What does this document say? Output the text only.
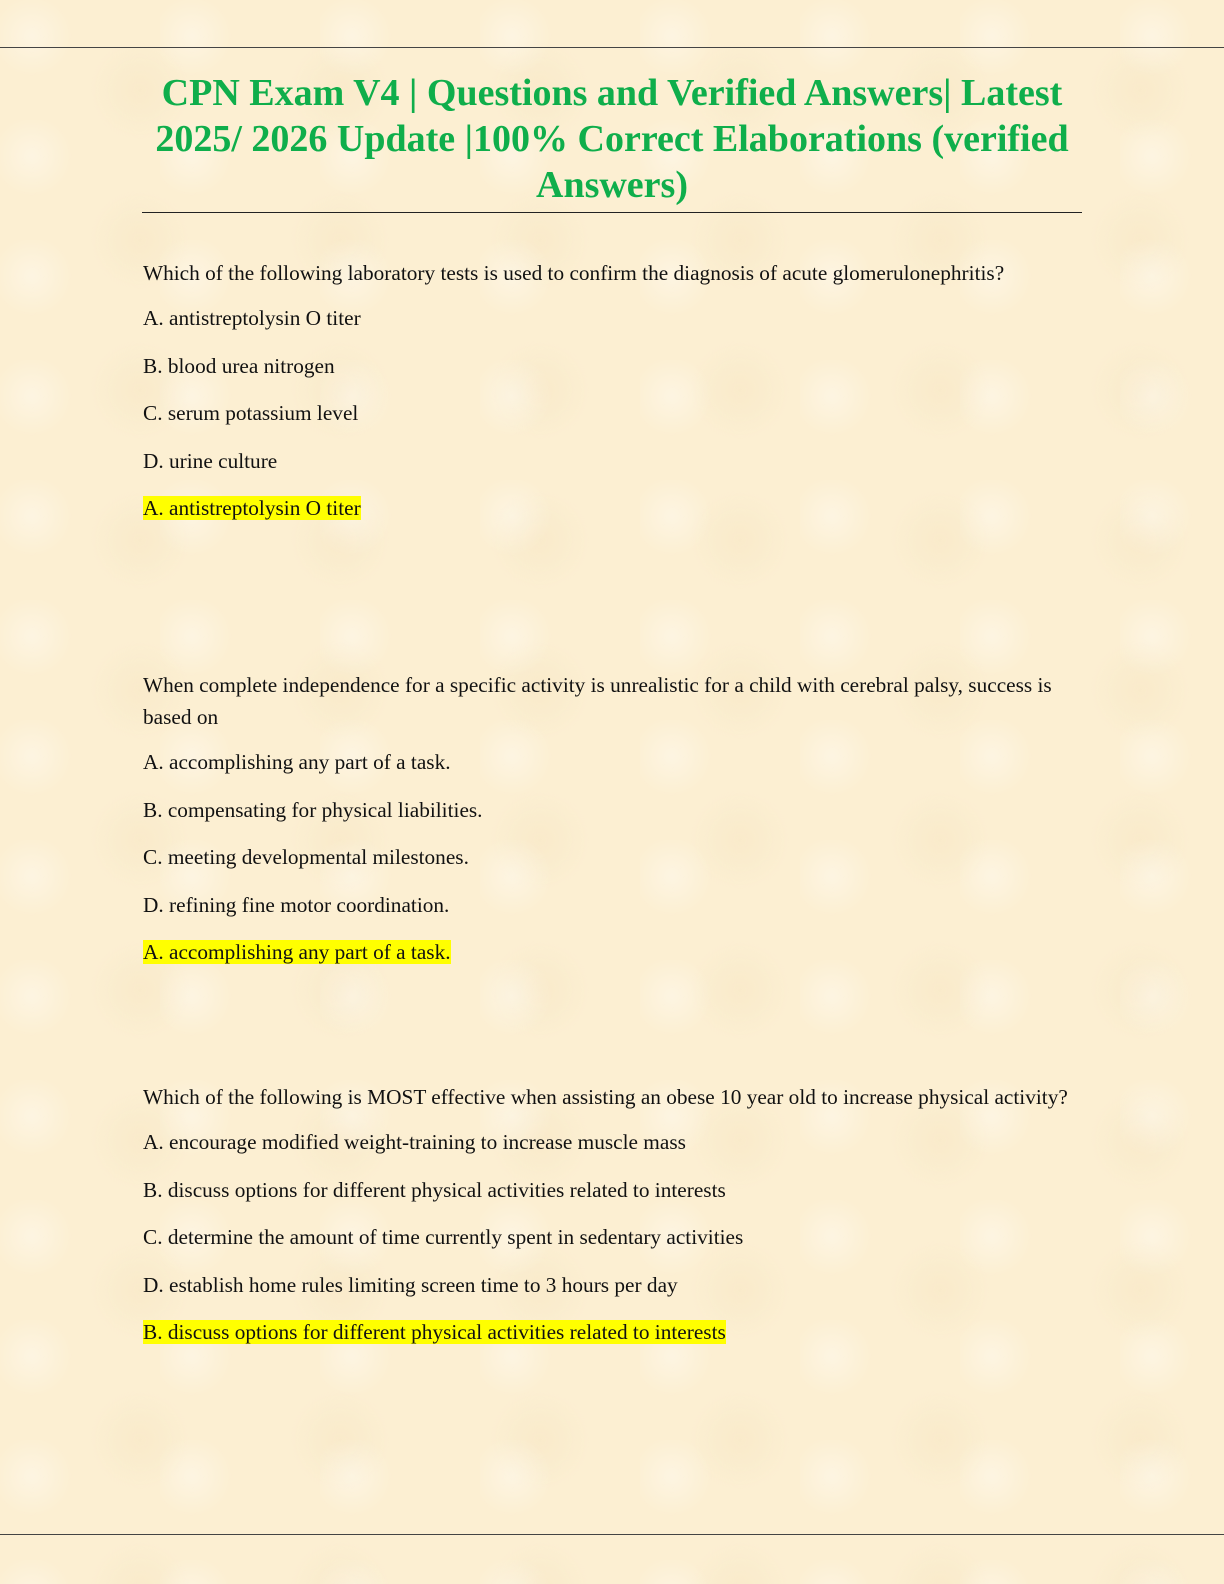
CPN Exam V4 | Questions and Verified Answers| Latest 2025/ 2026 Update |100% Correct Elaborations (verified Answers)

Which of the following laboratory tests is used to confirm the diagnosis of acute glomerulonephritis?

A. antistreptolysin O titer

B. blood urea nitrogen

C. serum potassium level

D. urine culture

A. antistreptolysin O titer

When complete independence for a specific activity is unrealistic for a child with cerebral palsy, success is based on

A. accomplishing any part of a task.

B. compensating for physical liabilities.

C. meeting developmental milestones.

D. refining fine motor coordination.

A. accomplishing any part of a task.

Which of the following is MOST effective when assisting an obese 10 year old to increase physical activity?

A. encourage modified weight-training to increase muscle mass

B. discuss options for different physical activities related to interests

C. determine the amount of time currently spent in sedentary activities

D. establish home rules limiting screen time to 3 hours per day

B. discuss options for different physical activities related to interests
